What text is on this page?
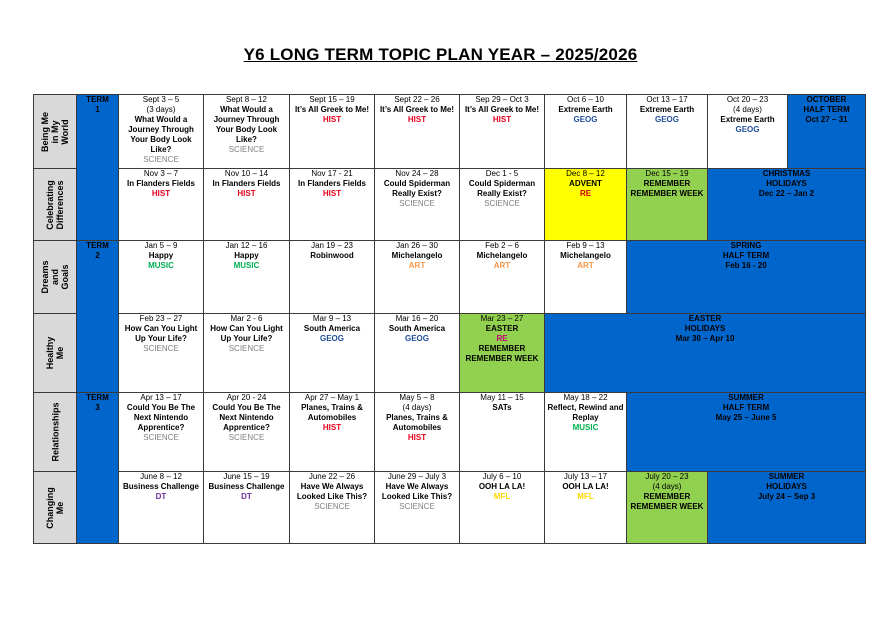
Y6 LONG TERM TOPIC PLAN YEAR – 2025/2026
Being Me in My World	TERM
1	Sept 3 – 5
(3 days)
What Would a Journey Through Your Body Look Like?
SCIENCE	Sept 8 – 12
What Would a Journey Through Your Body Look Like?
SCIENCE	Sept 15 – 19
It’s All Greek to Me!
HIST	Sept 22 – 26
It’s All Greek to Me!
HIST	Sep 29 – Oct 3
It’s All Greek to Me!
HIST	Oct 6 – 10
Extreme Earth
GEOG	Oct 13 – 17
Extreme Earth
GEOG	Oct 20 – 23
(4 days)
Extreme Earth
GEOG	OCTOBER
HALF TERM
Oct 27 – 31

Celebrating Differences		Nov 3 – 7
In Flanders Fields
HIST	Nov 10 – 14
In Flanders Fields
HIST	Nov 17 - 21
In Flanders Fields
HIST	Nov 24 – 28
Could Spiderman Really Exist?
SCIENCE	Dec 1 - 5
Could Spiderman Really Exist?
SCIENCE	Dec 8 – 12
ADVENT
RE	Dec 15 – 19
REMEMBER REMEMBER WEEK	CHRISTMAS
HOLIDAYS
Dec 22 – Jan 2	

Dreams and Goals	TERM
2	Jan 5 – 9
Happy
MUSIC	Jan 12 – 16
Happy
MUSIC	Jan 19 – 23
Robinwood	Jan 26 – 30
Michelangelo
ART	Feb 2 – 6
Michelangelo
ART	Feb 9 – 13
Michelangelo
ART	SPRING
HALF TERM
Feb 16 - 20		

Healthy Me		Feb 23 – 27
How Can You Light Up Your Life?
SCIENCE	Mar 2 - 6
How Can You Light Up Your Life?
SCIENCE	Mar 9 – 13
South America
GEOG	Mar 16 – 20
South America
GEOG	Mar 23 – 27
EASTER
RE
REMEMBER REMEMBER WEEK	EASTER
HOLIDAYS
Mar 30 – Apr 10			

Relationships	TERM
3	Apr 13 – 17
Could You Be The Next Nintendo Apprentice?
SCIENCE	Apr 20 - 24
Could You Be The Next Nintendo Apprentice?
SCIENCE	Apr 27 – May 1
Planes, Trains & Automobiles
HIST	May 5 – 8
(4 days)
Planes, Trains & Automobiles
HIST	May 11 – 15
SATs	May 18 – 22
Reflect, Rewind and Replay
MUSIC	SUMMER
HALF TERM
May 25 – June 5		

Changing Me		June 8 – 12
Business Challenge
DT	June 15 – 19
Business Challenge
DT	June 22 – 26
Have We Always Looked Like This?
SCIENCE	June 29 – July 3
Have We Always Looked Like This?
SCIENCE	July 6 – 10
OOH LA LA!
MFL	July 13 – 17
OOH LA LA!
MFL	July 20 – 23
(4 days)
REMEMBER REMEMBER WEEK	SUMMER
HOLIDAYS
July 24 – Sep 3	
